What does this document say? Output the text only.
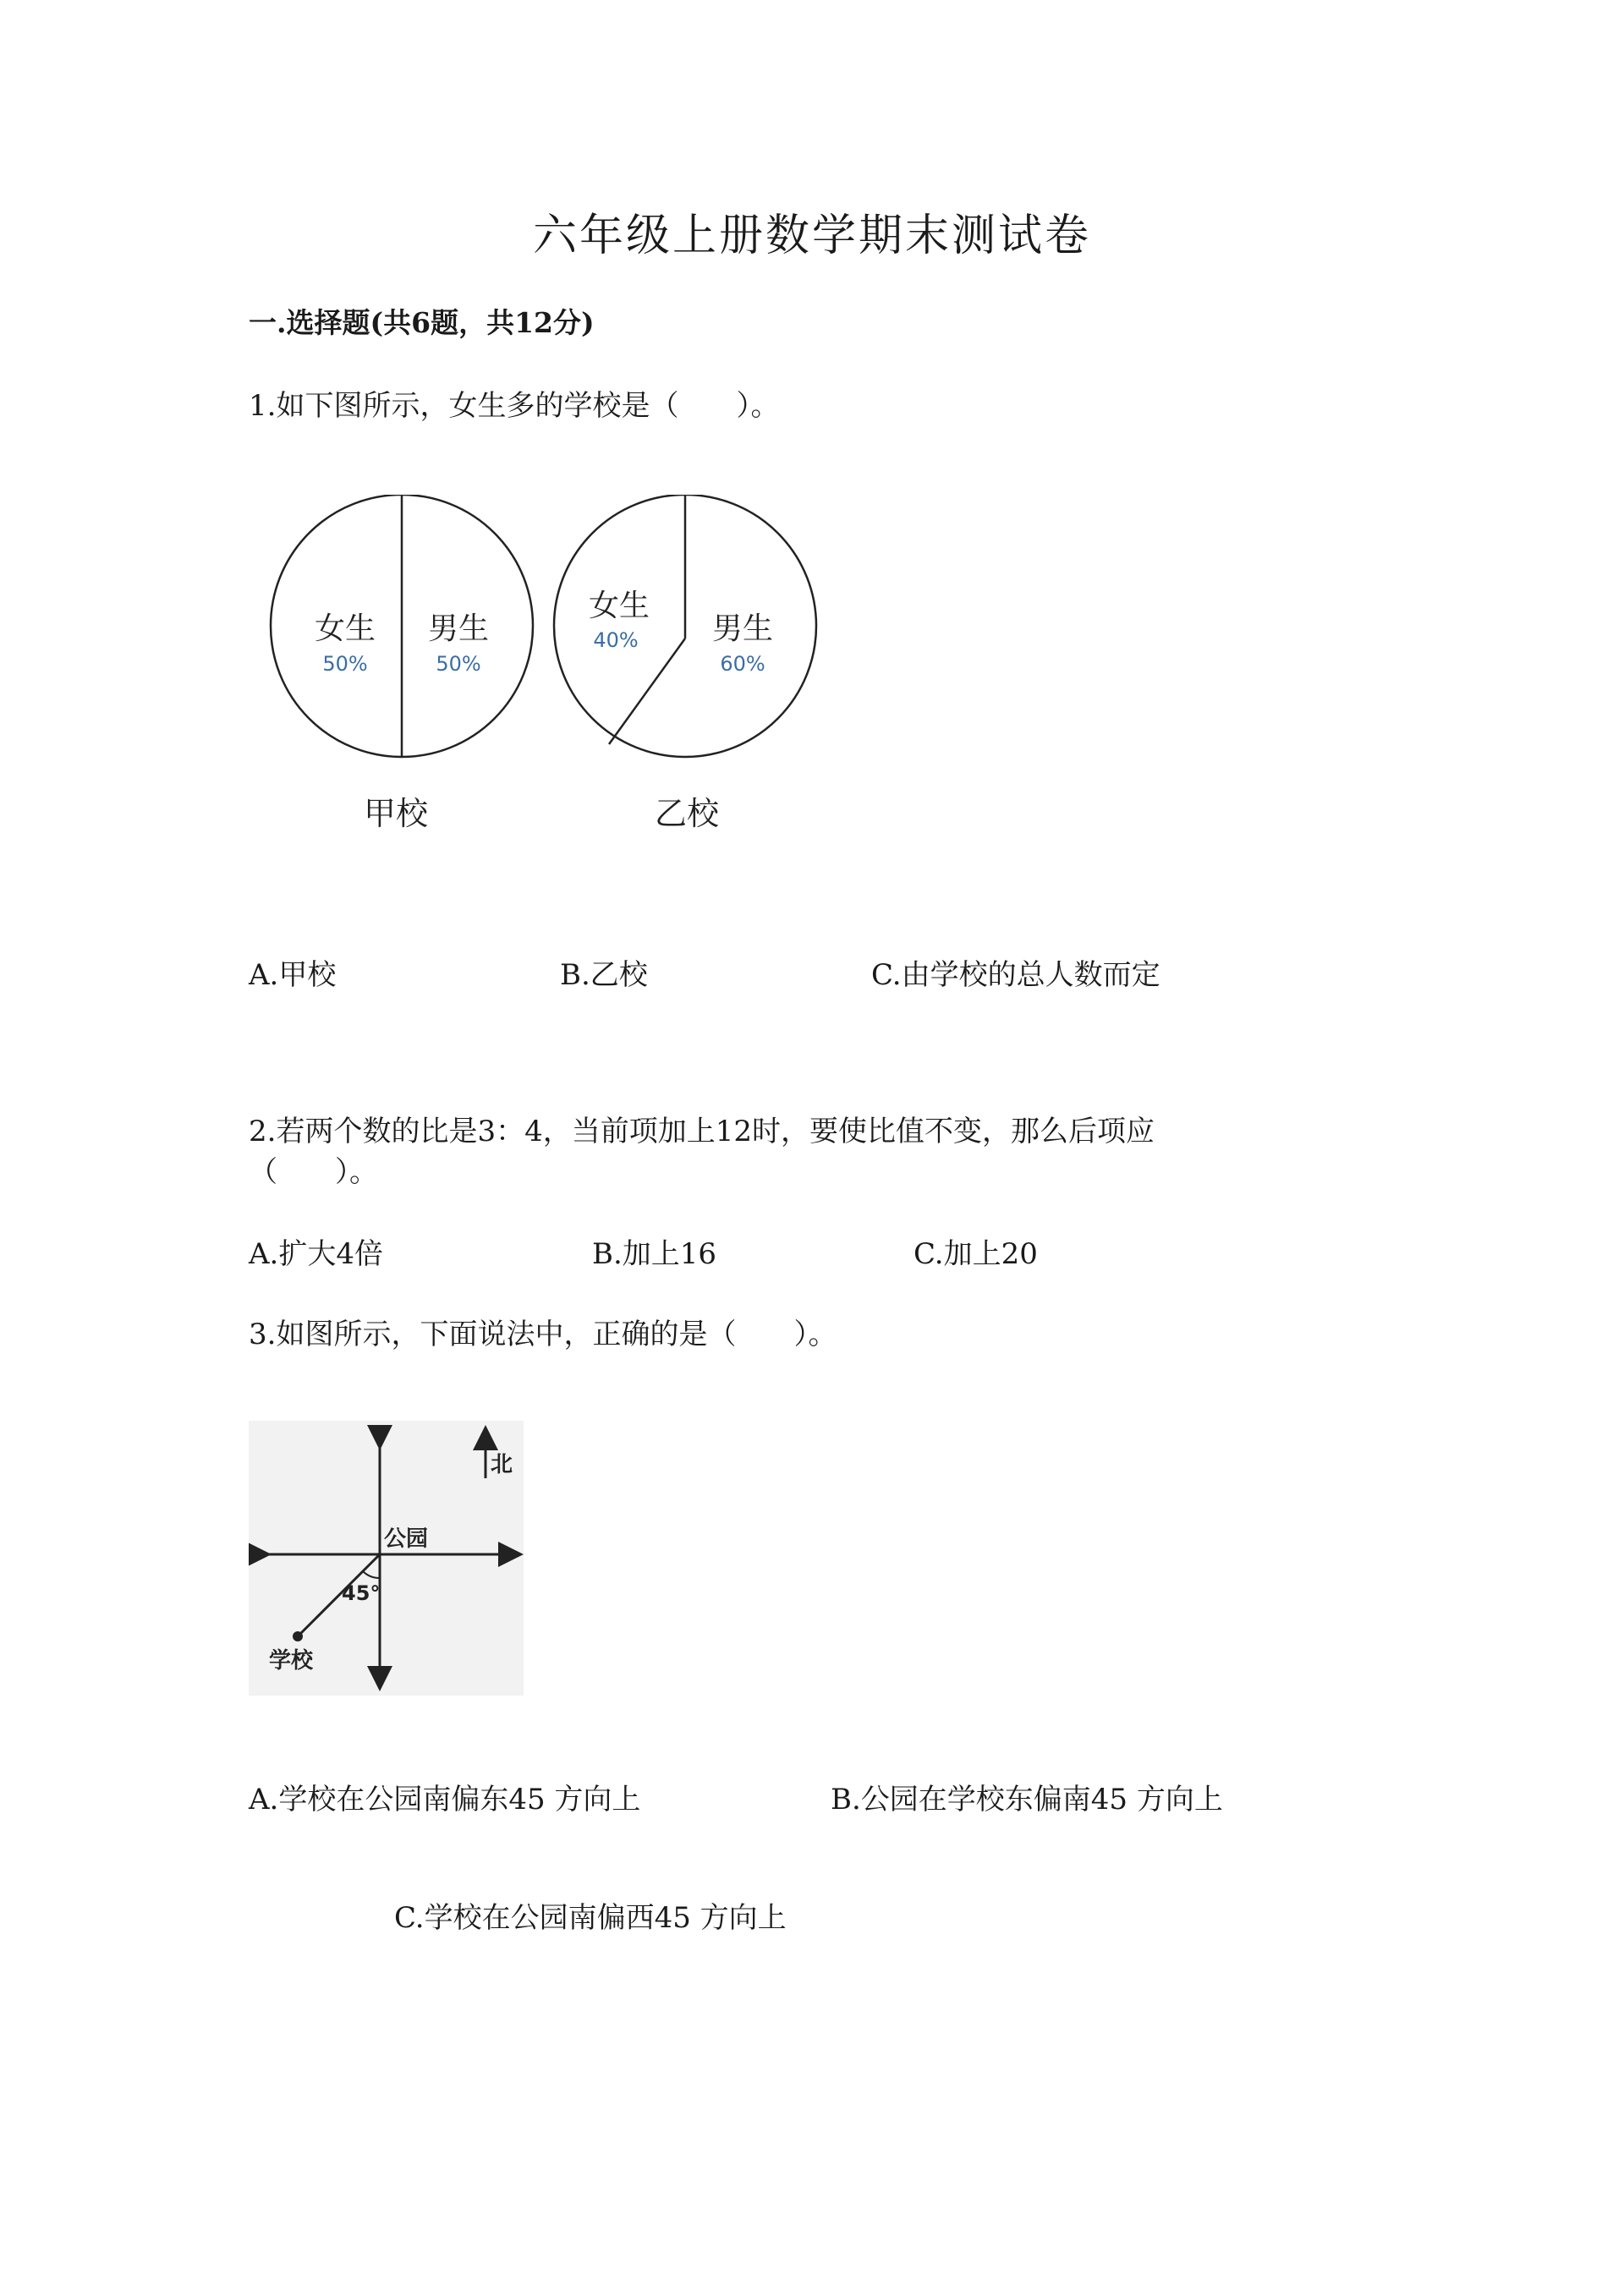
六年级上册数学期末测试卷
一.选择题(共6题，共12分)
1.如下图所示，女生多的学校是（　　）。
女生
50%
男生
50%
甲校
女生
40% 男生
60%
乙校
A.甲校	B.乙校	C.由学校的总人数而定
2.若两个数的比是3：4，当前项加上12时，要使比值不变，那么后项应
（　　）。
A.扩大4倍	B.加上16	C.加上20
3.如图所示，下面说法中，正确的是（　　）。
北
公园
45°
学校
A.学校在公园南偏东45 方向上	B.公园在学校东偏南45 方向上
C.学校在公园南偏西45 方向上
